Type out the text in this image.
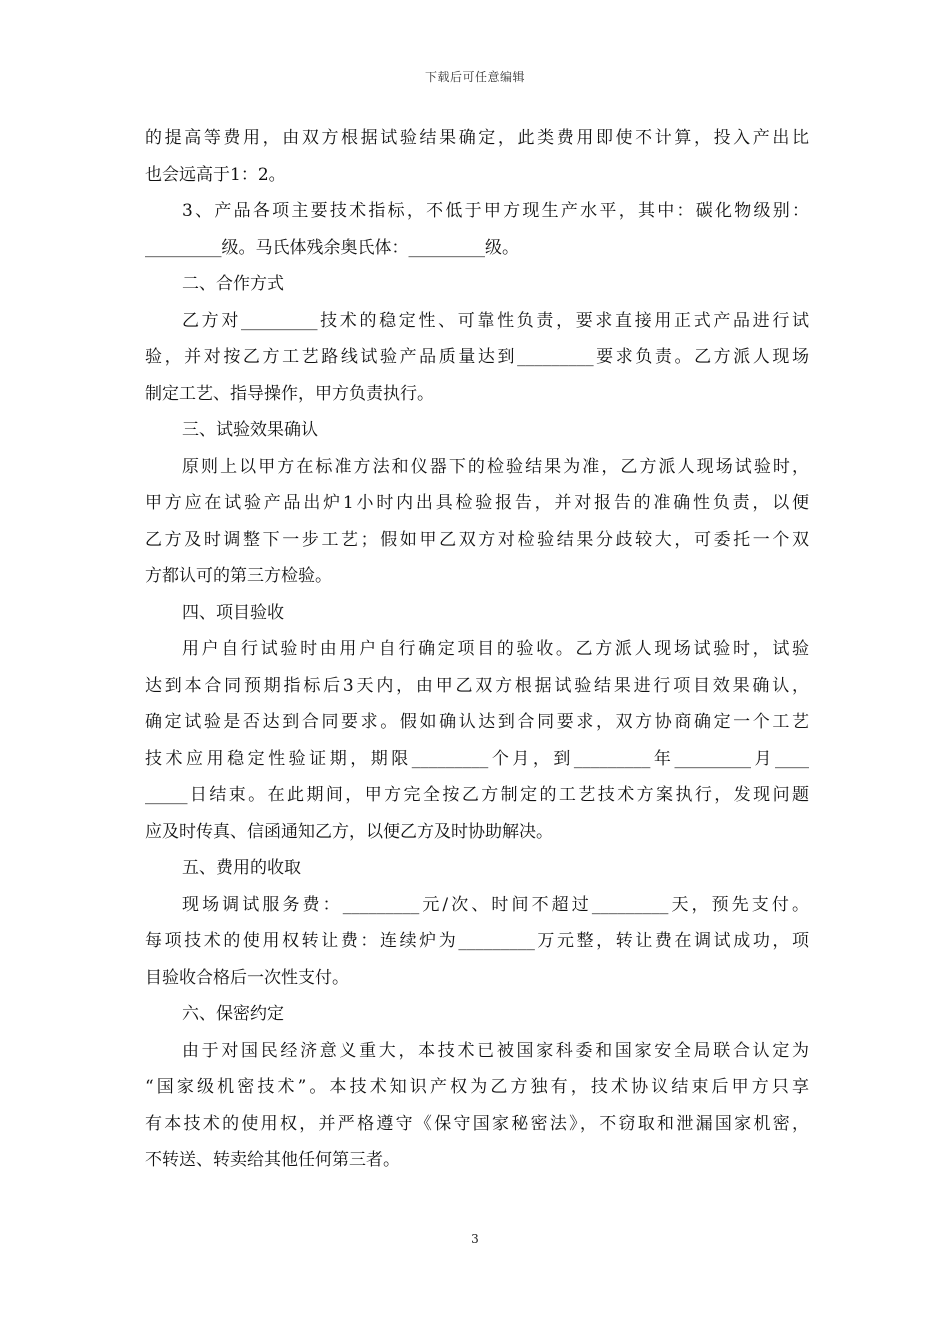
下载后可任意编辑
的提高等费用，由双方根据试验结果确定，此类费用即使不计算，投入产出比
也会远高于1：2。
3、产品各项主要技术指标，不低于甲方现生产水平，其中：碳化物级别：
_________级。马氏体残余奥氏体：_________级。
二、合作方式
乙方对_________技术的稳定性、可靠性负责，要求直接用正式产品进行试
验，并对按乙方工艺路线试验产品质量达到_________要求负责。乙方派人现场
制定工艺、指导操作，甲方负责执行。
三、试验效果确认
原则上以甲方在标准方法和仪器下的检验结果为准，乙方派人现场试验时，
甲方应在试验产品出炉1小时内出具检验报告，并对报告的准确性负责，以便
乙方及时调整下一步工艺；假如甲乙双方对检验结果分歧较大，可委托一个双
方都认可的第三方检验。
四、项目验收
用户自行试验时由用户自行确定项目的验收。乙方派人现场试验时，试验
达到本合同预期指标后3天内，由甲乙双方根据试验结果进行项目效果确认，
确定试验是否达到合同要求。假如确认达到合同要求，双方协商确定一个工艺
技术应用稳定性验证期，期限_________个月，到_________年_________月____
_____日结束。在此期间，甲方完全按乙方制定的工艺技术方案执行，发现问题
应及时传真、信函通知乙方，以便乙方及时协助解决。
五、费用的收取
现场调试服务费：_________元/次、时间不超过_________天，预先支付。
每项技术的使用权转让费：连续炉为_________万元整，转让费在调试成功，项
目验收合格后一次性支付。
六、保密约定
由于对国民经济意义重大，本技术已被国家科委和国家安全局联合认定为
“国家级机密技术”。本技术知识产权为乙方独有，技术协议结束后甲方只享
有本技术的使用权，并严格遵守《保守国家秘密法》，不窃取和泄漏国家机密，
不转送、转卖给其他任何第三者。
3
